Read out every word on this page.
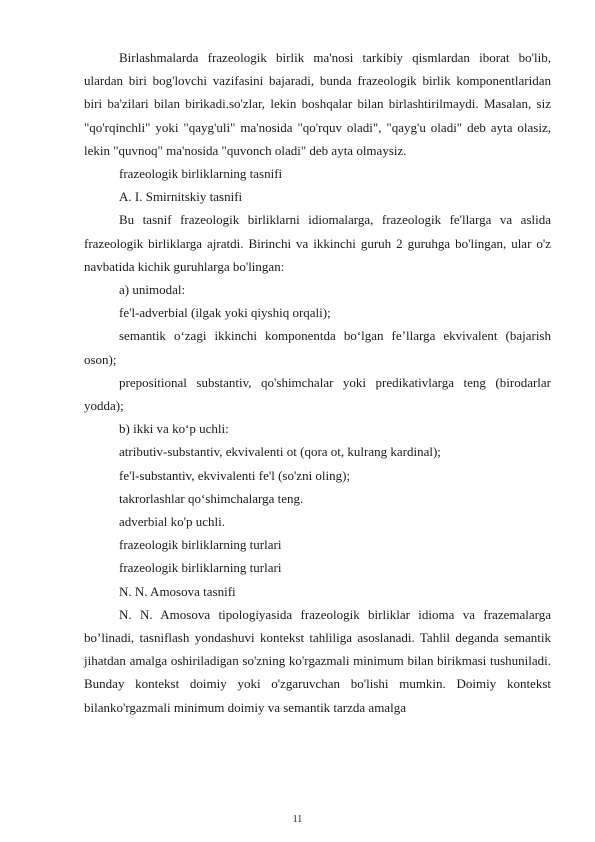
Birlashmalarda frazeologik birlik ma'nosi tarkibiy qismlardan iborat bo'lib, ulardan biri bog'lovchi vazifasini bajaradi, bunda frazeologik birlik komponentlaridan biri ba'zilari bilan birikadi.so'zlar, lekin boshqalar bilan birlashtirilmaydi. Masalan, siz "qo'rqinchli" yoki "qayg'uli" ma'nosida "qo'rquv oladi", "qayg'u oladi" deb ayta olasiz, lekin "quvnoq" ma'nosida "quvonch oladi" deb ayta olmaysiz.

frazeologik birliklarning tasnifi

A. I. Smirnitskiy tasnifi

Bu tasnif frazeologik birliklarni idiomalarga, frazeologik fe'llarga va aslida frazeologik birliklarga ajratdi. Birinchi va ikkinchi guruh 2 guruhga bo'lingan, ular o'z navbatida kichik guruhlarga bo'lingan:

a) unimodal:

fe'l-adverbial (ilgak yoki qiyshiq orqali);

semantik o‘zagi ikkinchi komponentda bo‘lgan fe’llarga ekvivalent (bajarish oson);

prepositional substantiv, qo'shimchalar yoki predikativlarga teng (birodarlar yodda);

b) ikki va ko‘p uchli:

atributiv-substantiv, ekvivalenti ot (qora ot, kulrang kardinal);

fe'l-substantiv, ekvivalenti fe'l (so'zni oling);

takrorlashlar qo‘shimchalarga teng.

adverbial ko'p uchli.

frazeologik birliklarning turlari

frazeologik birliklarning turlari

N. N. Amosova tasnifi

N. N. Amosova tipologiyasida frazeologik birliklar idioma va frazemalarga bo’linadi, tasniflash yondashuvi kontekst tahliliga asoslanadi. Tahlil deganda semantik jihatdan amalga oshiriladigan so'zning ko'rgazmali minimum bilan birikmasi tushuniladi. Bunday kontekst doimiy yoki o'zgaruvchan bo'lishi mumkin. Doimiy kontekst bilanko'rgazmali minimum doimiy va semantik tarzda amalga

11
